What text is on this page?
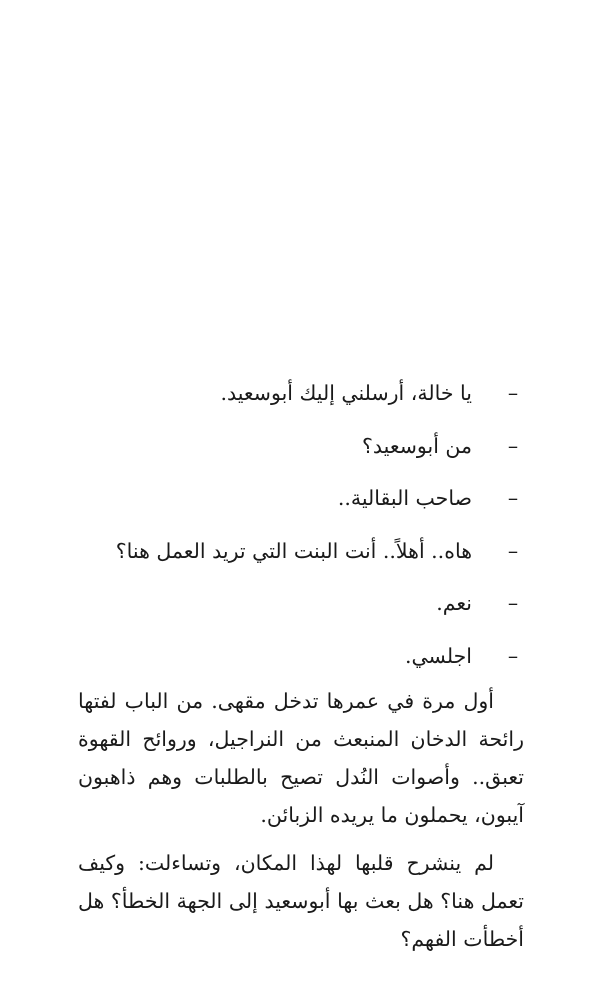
–
يا خالة، أرسلني إليك أبوسعيد.
–
من أبوسعيد؟
–
صاحب البقالية..
–
هاه.. أهلاً.. أنت البنت التي تريد العمل هنا؟
–
نعم.
–
اجلسي.

أول مرة في عمرها تدخل مقهى. من الباب لفتها رائحة الدخان المنبعث من النراجيل، وروائح القهوة تعبق.. وأصوات النُدل تصيح بالطلبات وهم ذاهبون آيبون، يحملون ما يريده الزبائن.

لم ينشرح قلبها لهذا المكان، وتساءلت: وكيف تعمل هنا؟ هل بعث بها أبوسعيد إلى الجهة الخطأ؟ هل أخطأت الفهم؟
